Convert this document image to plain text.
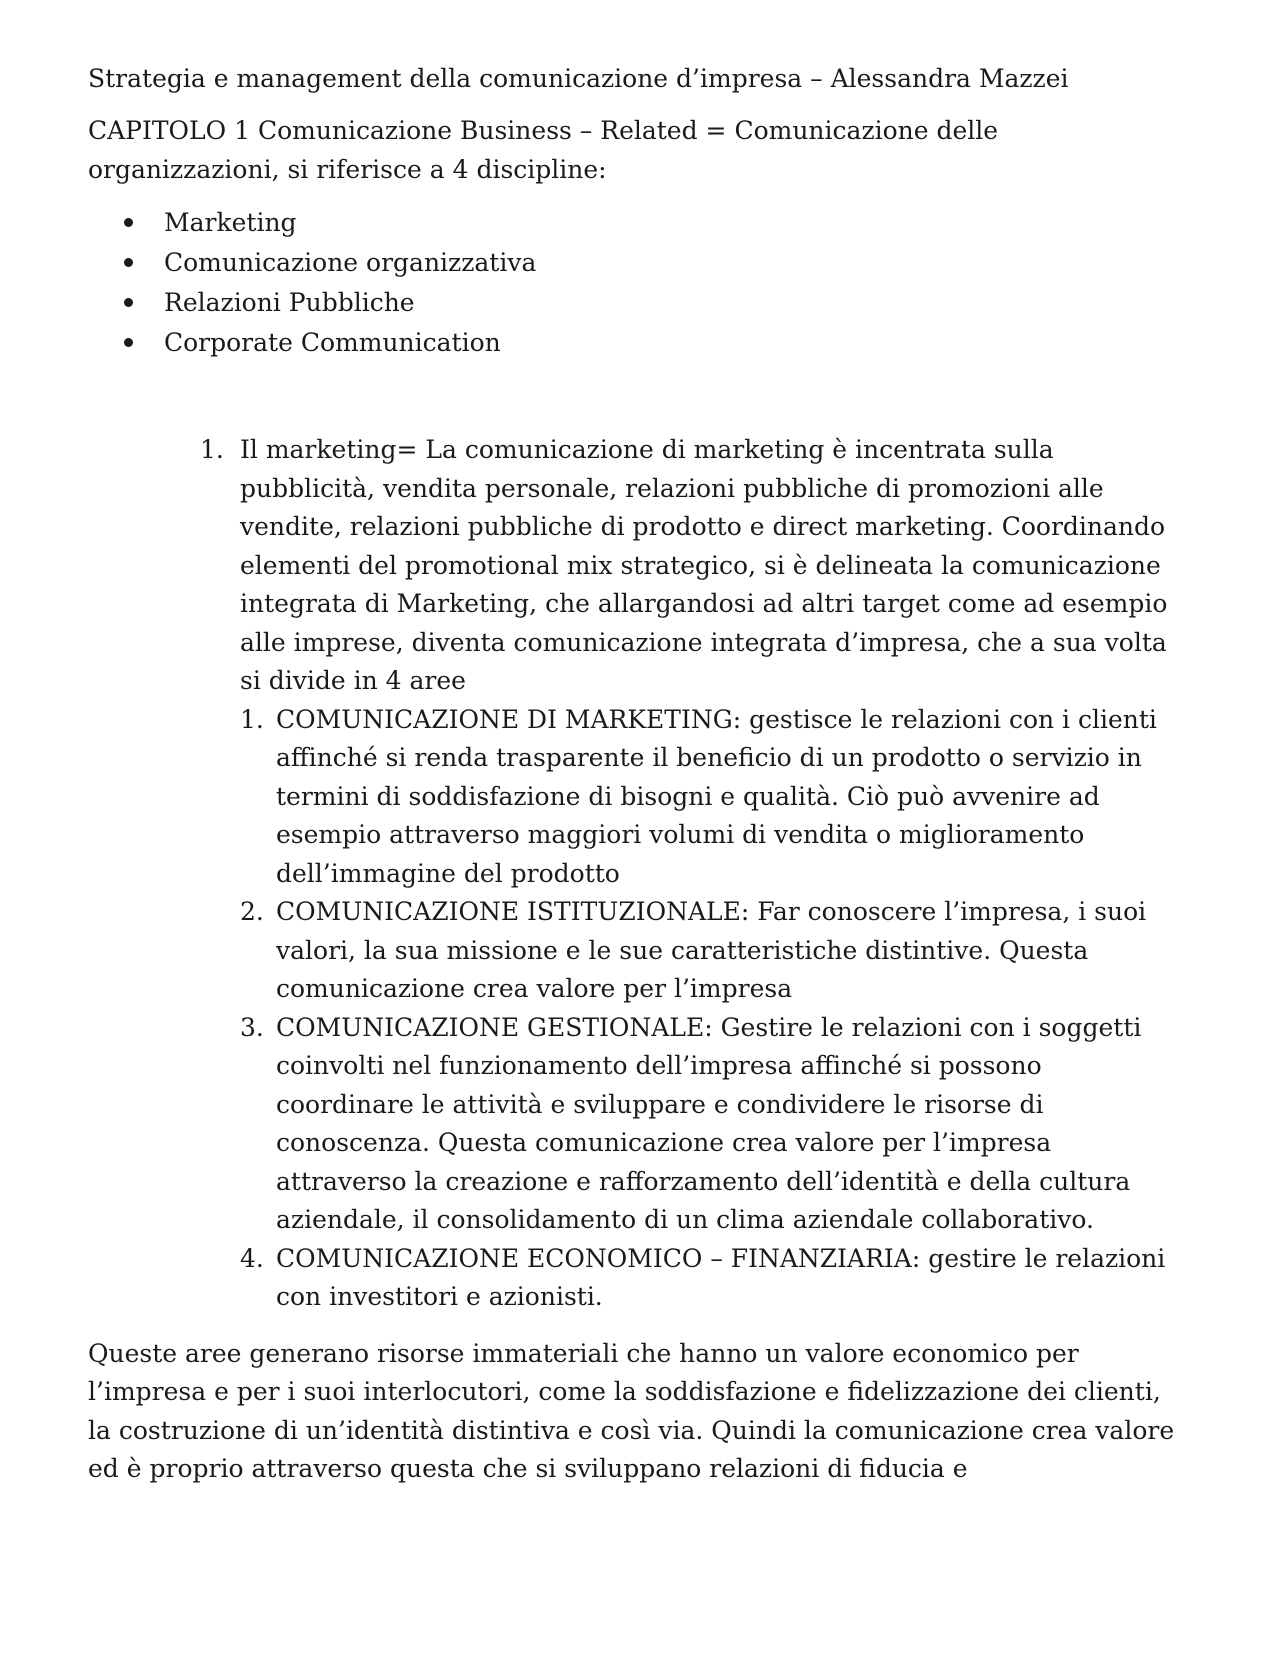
Strategia e management della comunicazione d’impresa – Alessandra Mazzei

CAPITOLO 1 Comunicazione Business – Related = Comunicazione delle organizzazioni, si riferisce a 4 discipline:

Marketing
Comunicazione organizzativa
Relazioni Pubbliche
Corporate Communication
1. Il marketing= La comunicazione di marketing è incentrata sulla pubblicità, vendita personale, relazioni pubbliche di promozioni alle vendite, relazioni pubbliche di prodotto e direct marketing. Coordinando elementi del promotional mix strategico, si è delineata la comunicazione integrata di Marketing, che allargandosi ad altri target come ad esempio alle imprese, diventa comunicazione integrata d’impresa, che a sua volta si divide in 4 aree

1. COMUNICAZIONE DI MARKETING: gestisce le relazioni con i clienti affinché si renda trasparente il beneficio di un prodotto o servizio in termini di soddisfazione di bisogni e qualità. Ciò può avvenire ad esempio attraverso maggiori volumi di vendita o miglioramento dell’immagine del prodotto

2. COMUNICAZIONE ISTITUZIONALE: Far conoscere l’impresa, i suoi valori, la sua missione e le sue caratteristiche distintive. Questa comunicazione crea valore per l’impresa

3. COMUNICAZIONE GESTIONALE: Gestire le relazioni con i soggetti coinvolti nel funzionamento dell’impresa affinché si possono coordinare le attività e sviluppare e condividere le risorse di conoscenza. Questa comunicazione crea valore per l’impresa attraverso la creazione e rafforzamento dell’identità e della cultura aziendale, il consolidamento di un clima aziendale collaborativo.

4. COMUNICAZIONE ECONOMICO – FINANZIARIA: gestire le relazioni con investitori e azionisti.

Queste aree generano risorse immateriali che hanno un valore economico per l’impresa e per i suoi interlocutori, come la soddisfazione e fidelizzazione dei clienti, la costruzione di un’identità distintiva e così via. Quindi la comunicazione crea valore ed è proprio attraverso questa che si sviluppano relazioni di fiducia e
